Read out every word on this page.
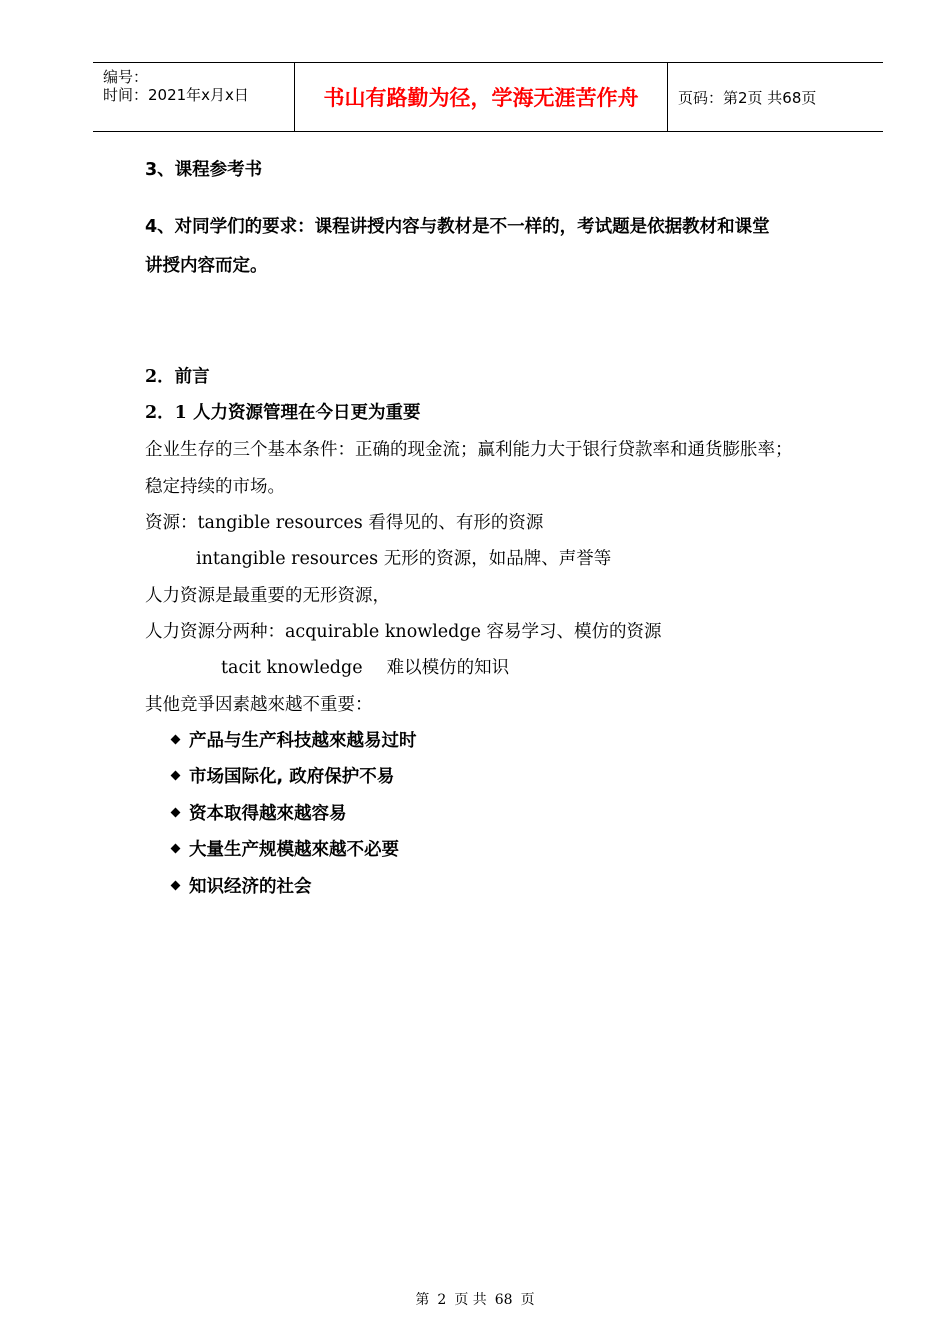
编号：
时间：2021年x月x日	书山有路勤为径，学海无涯苦作舟	页码：第2页 共68页
3、课程参考书
4、对同学们的要求：课程讲授内容与教材是不一样的，考试题是依据教材和课堂
讲授内容而定。
2．前言
2．1 人力资源管理在今日更为重要
企业生存的三个基本条件：正确的现金流；赢利能力大于银行贷款率和通货膨胀率；
稳定持续的市场。
资源：tangible resources 看得见的、有形的资源
intangible resources 无形的资源，如品牌、声誉等
人力资源是最重要的无形资源，
人力资源分两种：acquirable knowledge 容易学习、模仿的资源
tacit knowledge 难以模仿的知识
其他竞爭因素越來越不重要：
产品与生产科技越來越易过时
市场国际化, 政府保护不易
资本取得越來越容易
大量生产规模越來越不必要
知识经济的社会
第 2 页 共 68 页
